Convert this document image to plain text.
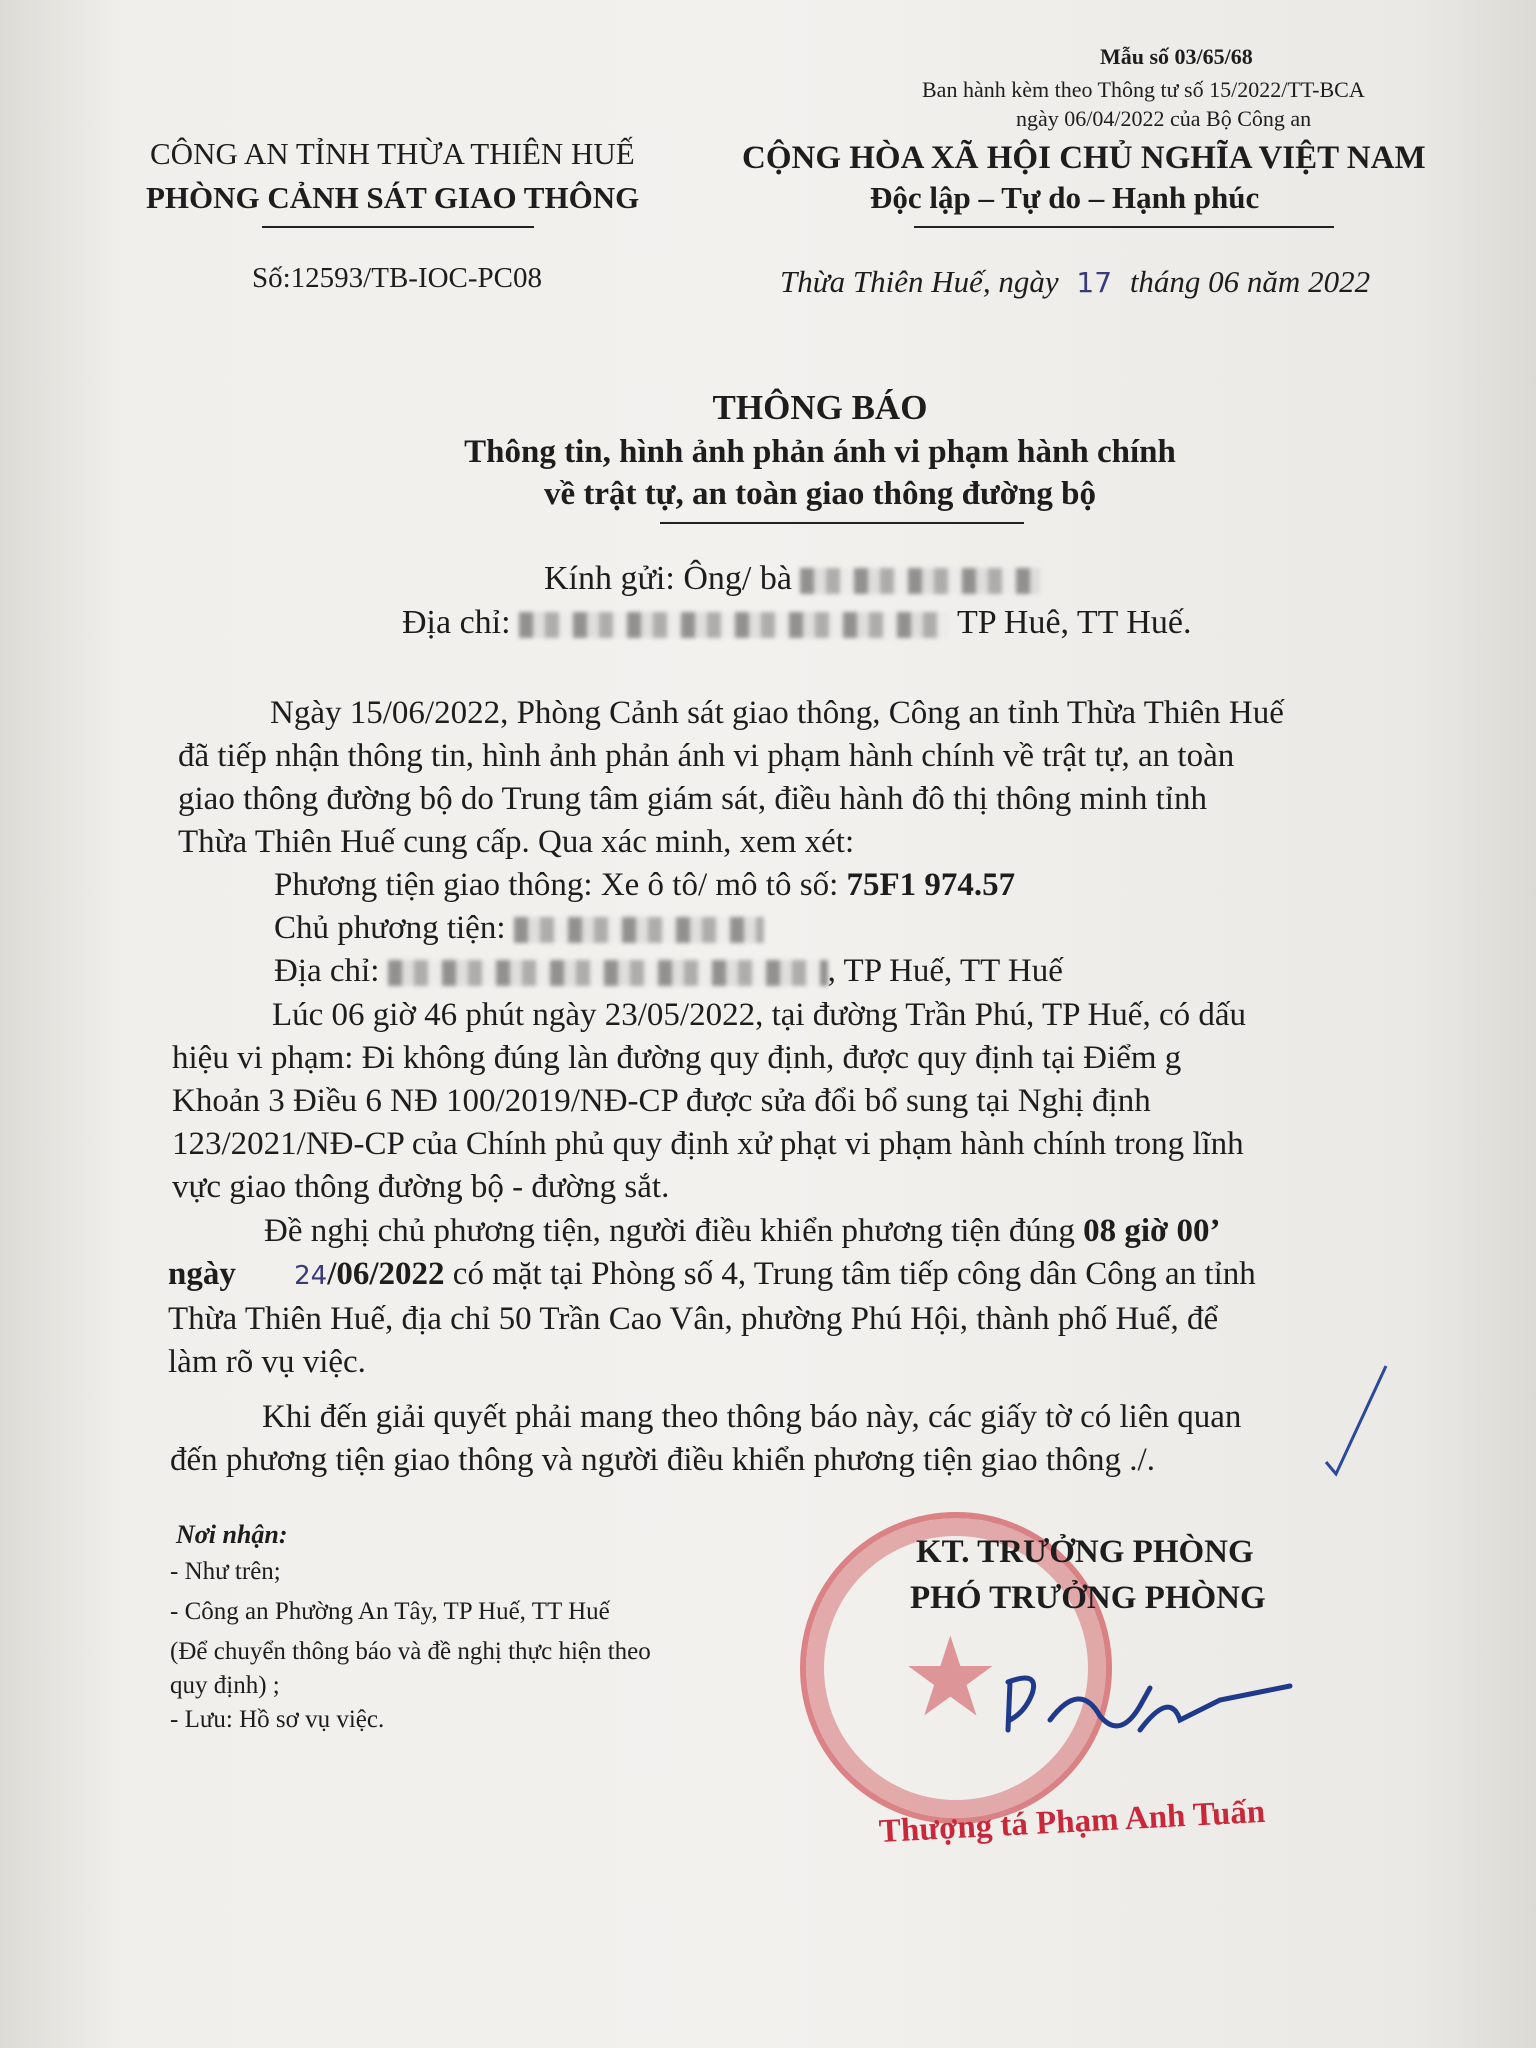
Mẫu số 03/65/68
Ban hành kèm theo Thông tư số 15/2022/TT-BCA
ngày 06/04/2022 của Bộ Công an
CÔNG AN TỈNH THỪA THIÊN HUẾ
PHÒNG CẢNH SÁT GIAO THÔNG
CỘNG HÒA XÃ HỘI CHỦ NGHĨA VIỆT NAM
Độc lập – Tự do – Hạnh phúc
Số:12593/TB-IOC-PC08	Thừa Thiên Huế, ngày 17 tháng 06 năm 2022
THÔNG BÁO
Thông tin, hình ảnh phản ánh vi phạm hành chính
về trật tự, an toàn giao thông đường bộ
Kính gửi: Ông/ bà
Địa chỉ:	TP Huê, TT Huế.
Ngày 15/06/2022, Phòng Cảnh sát giao thông, Công an tỉnh Thừa Thiên Huế
đã tiếp nhận thông tin, hình ảnh phản ánh vi phạm hành chính về trật tự, an toàn
giao thông đường bộ do Trung tâm giám sát, điều hành đô thị thông minh tỉnh
Thừa Thiên Huế cung cấp. Qua xác minh, xem xét:
Phương tiện giao thông: Xe ô tô/ mô tô số: 75F1 974.57
Chủ phương tiện:
Địa chỉ:	, TP Huế, TT Huế
Lúc 06 giờ 46 phút ngày 23/05/2022, tại đường Trần Phú, TP Huế, có dấu
hiệu vi phạm: Đi không đúng làn đường quy định, được quy định tại Điểm g
Khoản 3 Điều 6 NĐ 100/2019/NĐ-CP được sửa đổi bổ sung tại Nghị định
123/2021/NĐ-CP của Chính phủ quy định xử phạt vi phạm hành chính trong lĩnh
vực giao thông đường bộ - đường sắt.
Đề nghị chủ phương tiện, người điều khiển phương tiện đúng 08 giờ 00’
ngày 24/06/2022 có mặt tại Phòng số 4, Trung tâm tiếp công dân Công an tỉnh
Thừa Thiên Huế, địa chỉ 50 Trần Cao Vân, phường Phú Hội, thành phố Huế, để
làm rõ vụ việc.
Khi đến giải quyết phải mang theo thông báo này, các giấy tờ có liên quan
đến phương tiện giao thông và người điều khiển phương tiện giao thông ./.
Nơi nhận:
- Như trên;
- Công an Phường An Tây, TP Huế, TT Huế
(Để chuyển thông báo và đề nghị thực hiện theo
quy định) ;
- Lưu: Hồ sơ vụ việc.	★
KT. TRƯỞNG PHÒNG
PHÓ TRƯỞNG PHÒNG
Thượng tá Phạm Anh Tuấn
